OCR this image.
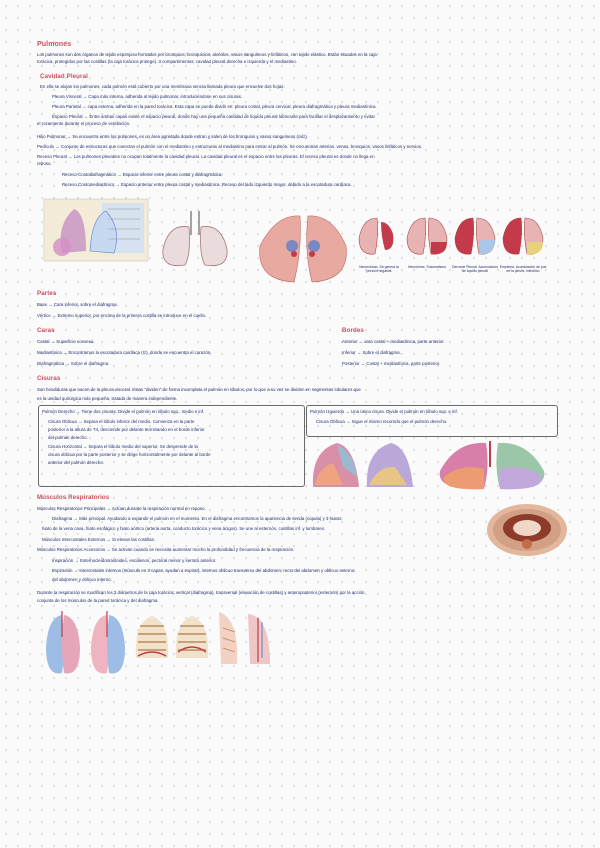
Pulmones
Los pulmones son dos órganos de tejido esponjoso formados por bronquios, bronquíolos, alvéolos, vasos sanguíneos y linfáticos, con tejido elástico. Están situados en la caja
torácica, protegidos por las costillas (la caja torácica protege). 3 compartimentos: cavidad pleural derecha e izquierda y el mediastino.
Cavidad Pleural
En ella se alojan los pulmones, cada pulmón está cubierto por una membrana serosa llamada pleura que envuelve dos hojas:
Pleura Visceral → Capa más interna, adherida al tejido pulmonar, introduciéndose en sus cisuras.
Pleura Parietal → capa externa, adherida en la pared torácica. Esta capa se puede dividir en: pleura costal, pleura cervical, pleura diafragmática y pleura mediastínica.
Espacio Pleural → Entre ambas capas existe el espacio pleural, donde hay una pequeña cantidad de líquido pleural lubricante para facilitar el desplazamiento y evitar
el rozamiento durante el proceso de ventilación.
Hilio Pulmonar → Se encuentra entre los pulmones, es un área agrietada donde entran y salen de los bronquios y vasos sanguíneos (raíz).
Pedículo → Conjunto de estructuras que conectan el pulmón con el mediastino y estructuras al mediastino para entrar al pulmón. Se encuentran arterias, venas, bronquios, vasos linfáticos y nervios.
Receso Pleural → Los pulmones pleurales no ocupan totalmente la cavidad pleural. La cavidad pleural es el espacio entre las pleuras. El receso pleural es donde no llega en
reposo.
Receso Costodiafragmático → Espacio inferior entre pleura costal y diafragmática.
Receso Costomediastínico → Espacio anterior entre pleura costal y mediastínica. Receso del lado izquierdo mayor, debido a la escotadura cardíaca.
Neumotórax. Se genera la presión negativa
Hemotórax. Traumatismo	Derrame Pleural. Acumulación de líquido pleural
Empiema. Acumulación de pus en la pleura, infección
Partes
Base → Cara inferior, sobre el diafragma.
Vértice → Extremo superior, por encima de la primera costilla se introduce en el cuello.
Caras
Costal → Superficie convexa.
Mediastínica → Encontramos la escotadura cardíaca (Iz), donde se encuentra el corazón.
Diafragmática → Sobre el diafragma.
Bordes
Anterior → cara costal + mediastínica, parte anterior.
Inferior → Sobre el diafragma.
Posterior → Costal + mediastínica, parte posterior.
Cisuras
Son hendiduras que nacen de la pleura visceral. Estas "dividen" de forma incompleta el pulmón en lóbulos, por lo que a su vez se dividen en segmentos lobulares que
es la unidad quirúrgica más pequeña, tratada de manera independiente.
Pulmón Derecho → Tiene dos cisuras. Divide el pulmón en lóbulo sup., medio e inf.
Cisura Oblicua → Separa el lóbulo inferior del medio. Comienza en la parte
posterior a la altura de T4, desciende por delante terminando en el borde inferior
del pulmón derecho.
Cisura Horizontal → Separa el lóbulo medio del superior. Se desprende de la
cisura oblicua por la parte posterior y se dirige horizontalmente por delante al borde
anterior del pulmón derecho.
Pulmón Izquierdo → Una única cisura. Divide el pulmón en lóbulo sup. e inf.
Cisura Oblicua → Sigue el mismo recorrido que el pulmón derecho.
Músculos Respiratorios
Músculos Respiratorios Principales → Actúan durante la respiración normal en reposo.
Diafragma → Más principal. Ayudando a expandir el pulmón en el momento. En el diafragma encontramos la apariencia de tienda (cúpula) y 3 hiatos:
hiato de la vena cava, hiato esofágico y hiato aórtico (arteria aorta, conducto torácico y vena ácigos). Se une al esternón, costillas inf. y lumbares.
Músculos Intercostales Externos → Si elevan las costillas.
Músculos Respiratorios Accesorios → Se activan cuando se necesita aumentar mucho la profundidad y frecuencia de la respiración.
Inspiración → Esternocleidomastoideo, escalenos, pectoral menor y serrato anterior.
Espiración → Intercostales internos (músculo en 3 capas, ayudan a expirar), internos oblicuo transverso del abdomen, recto del abdomen y oblicuo externo.
del abdomen y oblicuo interno.
Durante la respiración se modifican los 3 diámetros de la caja torácica: vertical (diafragma), transversal (elevación de costillas) y anteroposterior (esternón) por la acción
conjunta de los músculos de la pared torácica y del diafragma.
